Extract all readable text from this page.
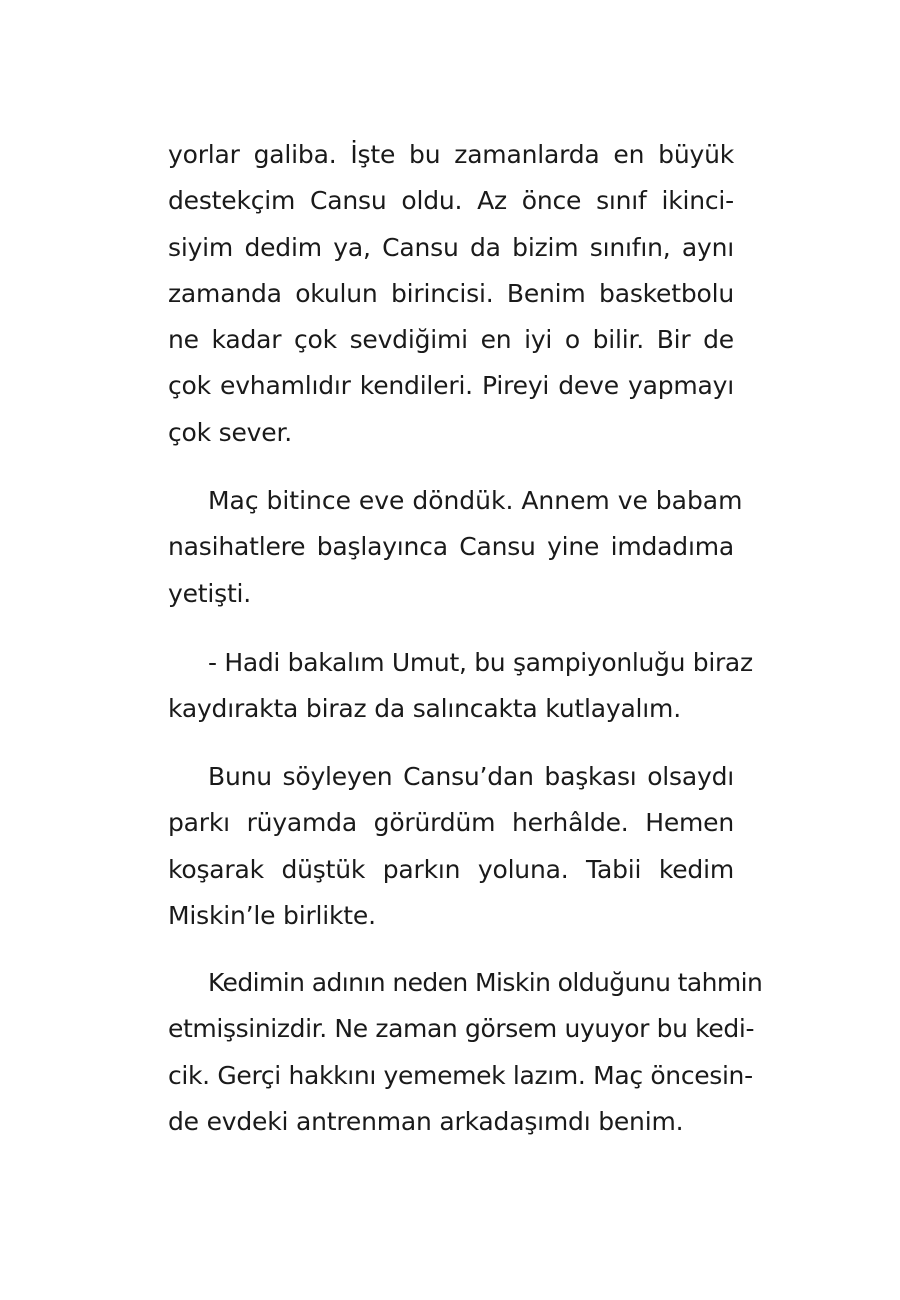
yorlar galiba. İşte bu zamanlarda en büyük
destekçim Cansu oldu. Az önce sınıf ikinci-
siyim dedim ya, Cansu da bizim sınıfın, aynı
zamanda okulun birincisi. Benim basketbolu
ne kadar çok sevdiğimi en iyi o bilir. Bir de
çok evhamlıdır kendileri. Pireyi deve yapmayı
çok sever.
Maç bitince eve döndük. Annem ve babam
nasihatlere başlayınca Cansu yine imdadıma
yetişti.
- Hadi bakalım Umut, bu şampiyonluğu biraz
kaydırakta biraz da salıncakta kutlayalım.
Bunu söyleyen Cansu’dan başkası olsaydı
parkı rüyamda görürdüm herhâlde. Hemen
koşarak düştük parkın yoluna. Tabii kedim
Miskin’le birlikte.
Kedimin adının neden Miskin olduğunu tahmin
etmişsinizdir. Ne zaman görsem uyuyor bu kedi-
cik. Gerçi hakkını yememek lazım. Maç öncesin-
de evdeki antrenman arkadaşımdı benim.
